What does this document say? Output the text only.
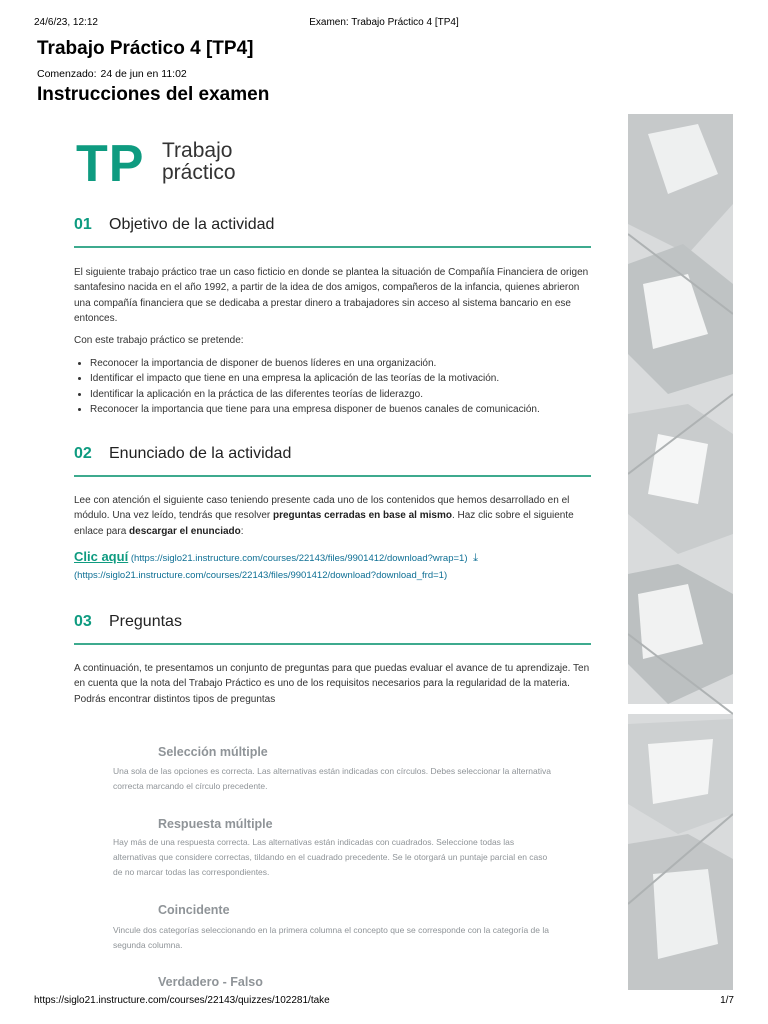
24/6/23, 12:12	Examen: Trabajo Práctico 4 [TP4]
Trabajo Práctico 4 [TP4]
Comenzado: 24 de jun en 11:02
Instrucciones del examen
TP Trabajo
práctico
01 Objetivo de la actividad

El siguiente trabajo práctico trae un caso ficticio en donde se plantea la situación de Compañía Financiera de origen santafesino nacida en el año 1992, a partir de la idea de dos amigos, compañeros de la infancia, quienes abrieron una compañía financiera que se dedicaba a prestar dinero a trabajadores sin acceso al sistema bancario en ese entonces.

Con este trabajo práctico se pretende:

• Reconocer la importancia de disponer de buenos líderes en una organización.
• Identificar el impacto que tiene en una empresa la aplicación de las teorías de la motivación.
• Identificar la aplicación en la práctica de las diferentes teorías de liderazgo.
• Reconocer la importancia que tiene para una empresa disponer de buenos canales de comunicación.
02 Enunciado de la actividad

Lee con atención el siguiente caso teniendo presente cada uno de los contenidos que hemos desarrollado en el módulo. Una vez leído, tendrás que resolver preguntas cerradas en base al mismo. Haz clic sobre el siguiente enlace para descargar el enunciado:

Clic aquí (https://siglo21.instructure.com/courses/22143/files/9901412/download?wrap=1) ⤓
(https://siglo21.instructure.com/courses/22143/files/9901412/download?download_frd=1)
03 Preguntas

A continuación, te presentamos un conjunto de preguntas para que puedas evaluar el avance de tu aprendizaje. Ten en cuenta que la nota del Trabajo Práctico es uno de los requisitos necesarios para la regularidad de la materia. Podrás encontrar distintos tipos de preguntas

Selección múltiple

Una sola de las opciones es correcta. Las alternativas están indicadas con círculos. Debes seleccionar la alternativa correcta marcando el círculo precedente.

Respuesta múltiple

Hay más de una respuesta correcta. Las alternativas están indicadas con cuadrados. Seleccione todas las alternativas que considere correctas, tildando en el cuadrado precedente. Se le otorgará un puntaje parcial en caso de no marcar todas las correspondientes.

Coincidente

Vincule dos categorías seleccionando en la primera columna el concepto que se corresponde con la categoría de la segunda columna.

Verdadero - Falso
https://siglo21.instructure.com/courses/22143/quizzes/102281/take	1/7
